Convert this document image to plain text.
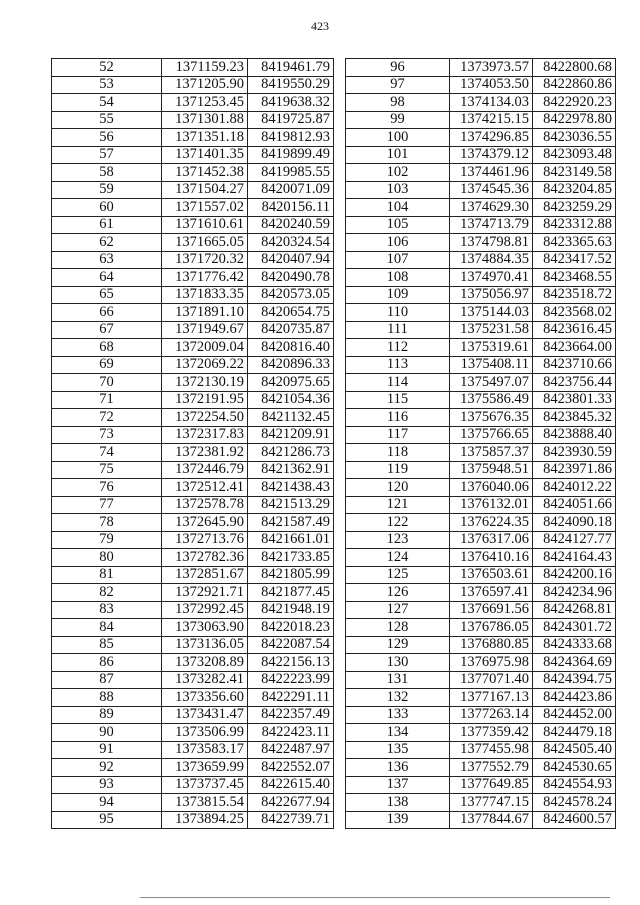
423
52	1371159.23	8419461.79
53	1371205.90	8419550.29
54	1371253.45	8419638.32
55	1371301.88	8419725.87
56	1371351.18	8419812.93
57	1371401.35	8419899.49
58	1371452.38	8419985.55
59	1371504.27	8420071.09
60	1371557.02	8420156.11
61	1371610.61	8420240.59
62	1371665.05	8420324.54
63	1371720.32	8420407.94
64	1371776.42	8420490.78
65	1371833.35	8420573.05
66	1371891.10	8420654.75
67	1371949.67	8420735.87
68	1372009.04	8420816.40
69	1372069.22	8420896.33
70	1372130.19	8420975.65
71	1372191.95	8421054.36
72	1372254.50	8421132.45
73	1372317.83	8421209.91
74	1372381.92	8421286.73
75	1372446.79	8421362.91
76	1372512.41	8421438.43
77	1372578.78	8421513.29
78	1372645.90	8421587.49
79	1372713.76	8421661.01
80	1372782.36	8421733.85
81	1372851.67	8421805.99
82	1372921.71	8421877.45
83	1372992.45	8421948.19
84	1373063.90	8422018.23
85	1373136.05	8422087.54
86	1373208.89	8422156.13
87	1373282.41	8422223.99
88	1373356.60	8422291.11
89	1373431.47	8422357.49
90	1373506.99	8422423.11
91	1373583.17	8422487.97
92	1373659.99	8422552.07
93	1373737.45	8422615.40
94	1373815.54	8422677.94
95	1373894.25	8422739.71
96	1373973.57	8422800.68
97	1374053.50	8422860.86
98	1374134.03	8422920.23
99	1374215.15	8422978.80
100	1374296.85	8423036.55
101	1374379.12	8423093.48
102	1374461.96	8423149.58
103	1374545.36	8423204.85
104	1374629.30	8423259.29
105	1374713.79	8423312.88
106	1374798.81	8423365.63
107	1374884.35	8423417.52
108	1374970.41	8423468.55
109	1375056.97	8423518.72
110	1375144.03	8423568.02
111	1375231.58	8423616.45
112	1375319.61	8423664.00
113	1375408.11	8423710.66
114	1375497.07	8423756.44
115	1375586.49	8423801.33
116	1375676.35	8423845.32
117	1375766.65	8423888.40
118	1375857.37	8423930.59
119	1375948.51	8423971.86
120	1376040.06	8424012.22
121	1376132.01	8424051.66
122	1376224.35	8424090.18
123	1376317.06	8424127.77
124	1376410.16	8424164.43
125	1376503.61	8424200.16
126	1376597.41	8424234.96
127	1376691.56	8424268.81
128	1376786.05	8424301.72
129	1376880.85	8424333.68
130	1376975.98	8424364.69
131	1377071.40	8424394.75
132	1377167.13	8424423.86
133	1377263.14	8424452.00
134	1377359.42	8424479.18
135	1377455.98	8424505.40
136	1377552.79	8424530.65
137	1377649.85	8424554.93
138	1377747.15	8424578.24
139	1377844.67	8424600.57
